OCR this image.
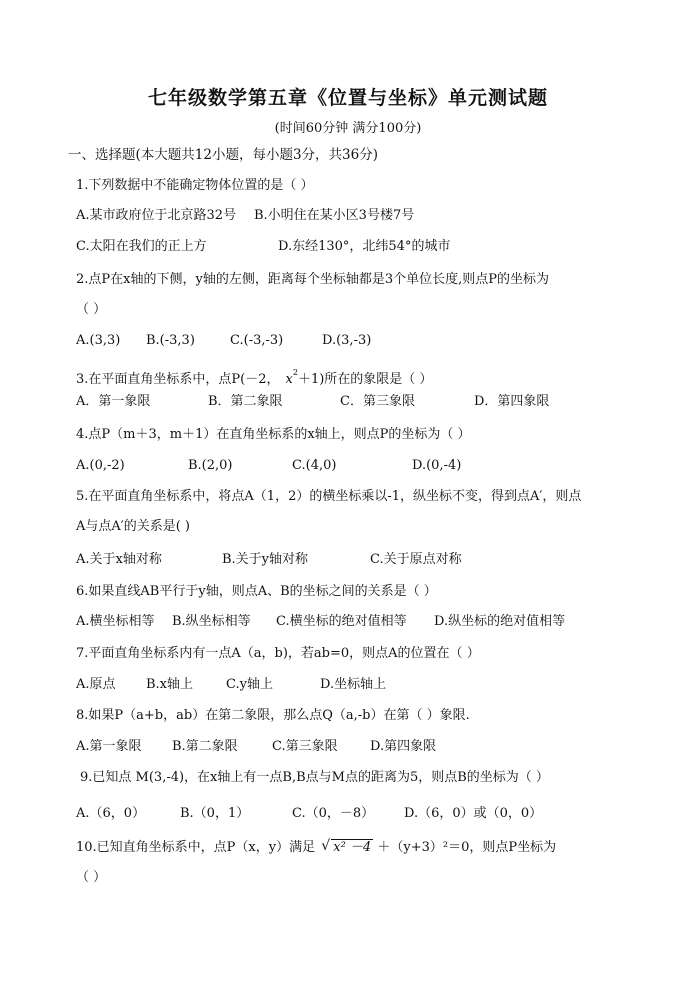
七年级数学第五章《位置与坐标》单元测试题
(时间60分钟 满分100分)
一、选择题(本大题共12小题，每小题3分，共36分)
1.下列数据中不能确定物体位置的是（ ）
A.某市政府位于北京路32号 B.小明住在某小区3号楼7号
C.太阳在我们的正上方	D.东经130°，北纬54°的城市
2.点P在x轴的下侧，y轴的左侧，距离每个坐标轴都是3个单位长度,则点P的坐标为
（ ）
A.(3,3) B.(-3,3)	C.(-3,-3)	D.(3,-3)
3.在平面直角坐标系中，点P(－2， $x^2+1$)所在的象限是（ ）
A．第一象限	B．第二象限	C．第三象限	D．第四象限
4.点P（m＋3，m＋1）在直角坐标系的x轴上，则点P的坐标为（ ）
A.(0,-2)	B.(2,0)	C.(4,0)	D.(0,-4)
5.在平面直角坐标系中，将点A（1，2）的横坐标乘以-1，纵坐标不变，得到点A′，则点
A与点A′的关系是( )
A.关于x轴对称	B.关于y轴对称	C.关于原点对称
6.如果直线AB平行于y轴，则点A、B的坐标之间的关系是（ ）
A.横坐标相等 B.纵坐标相等 C.横坐标的绝对值相等 D.纵坐标的绝对值相等
7.平面直角坐标系内有一点A（a，b)，若ab=0，则点A的位置在（ ）
A.原点 B.x轴上	C.y轴上	D.坐标轴上
8.如果P（a+b，ab）在第二象限，那么点Q（a,-b）在第（ ）象限.
A.第一象限 B.第二象限	C.第三象限 D.第四象限
9.已知点 M(3,-4)，在x轴上有一点B,B点与M点的距离为5，则点B的坐标为（ ）
A.（6，0）	B.（0，1）	C.（0，－8） D.（6，0）或（0，0）
10.已知直角坐标系中，点P（x，y）满足 √ x² －4 ＋（y+3）²＝0，则点P坐标为
（ ）
